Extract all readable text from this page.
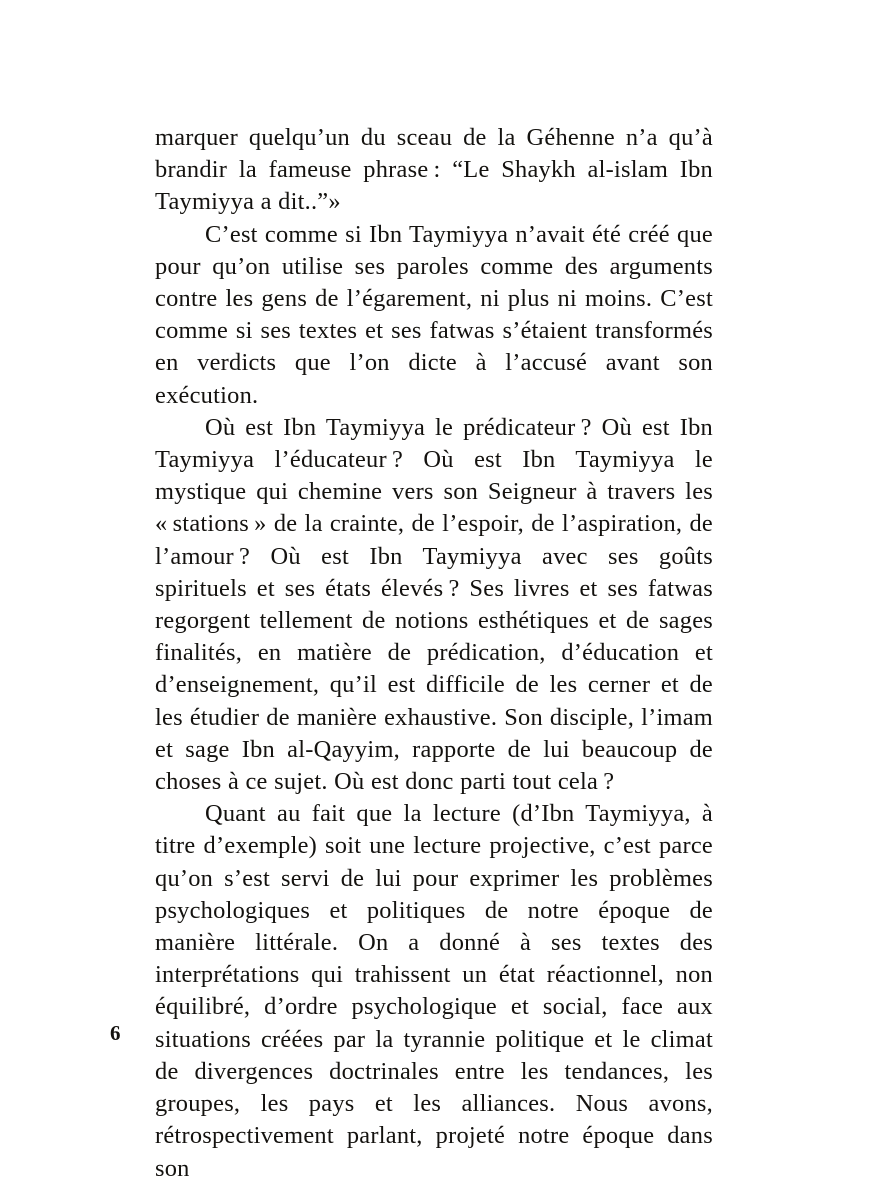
marquer quelqu’un du sceau de la Géhenne n’a qu’à brandir la fameuse phrase : “Le Shaykh al-islam Ibn Taymiyya a dit..”»

C’est comme si Ibn Taymiyya n’avait été créé que pour qu’on utilise ses paroles comme des arguments contre les gens de l’égarement, ni plus ni moins. C’est comme si ses textes et ses fatwas s’étaient transformés en verdicts que l’on dicte à l’accusé avant son exécution.

Où est Ibn Taymiyya le prédicateur ? Où est Ibn Taymiyya l’éducateur ? Où est Ibn Taymiyya le mystique qui chemine vers son Seigneur à travers les « stations » de la crainte, de l’espoir, de l’aspiration, de l’amour ? Où est Ibn Taymiyya avec ses goûts spirituels et ses états élevés ? Ses livres et ses fatwas regorgent tellement de notions esthétiques et de sages finalités, en matière de prédication, d’éducation et d’enseignement, qu’il est difficile de les cerner et de les étudier de manière exhaustive. Son disciple, l’imam et sage Ibn al-Qayyim, rapporte de lui beaucoup de choses à ce sujet. Où est donc parti tout cela ?

Quant au fait que la lecture (d’Ibn Taymiyya, à titre d’exemple) soit une lecture projective, c’est parce qu’on s’est servi de lui pour exprimer les problèmes psychologiques et politiques de notre époque de manière littérale. On a donné à ses textes des interprétations qui trahissent un état réactionnel, non équilibré, d’ordre psychologique et social, face aux situations créées par la tyrannie politique et le climat de divergences doctrinales entre les tendances, les groupes, les pays et les alliances. Nous avons, rétrospectivement parlant, projeté notre époque dans son

6
